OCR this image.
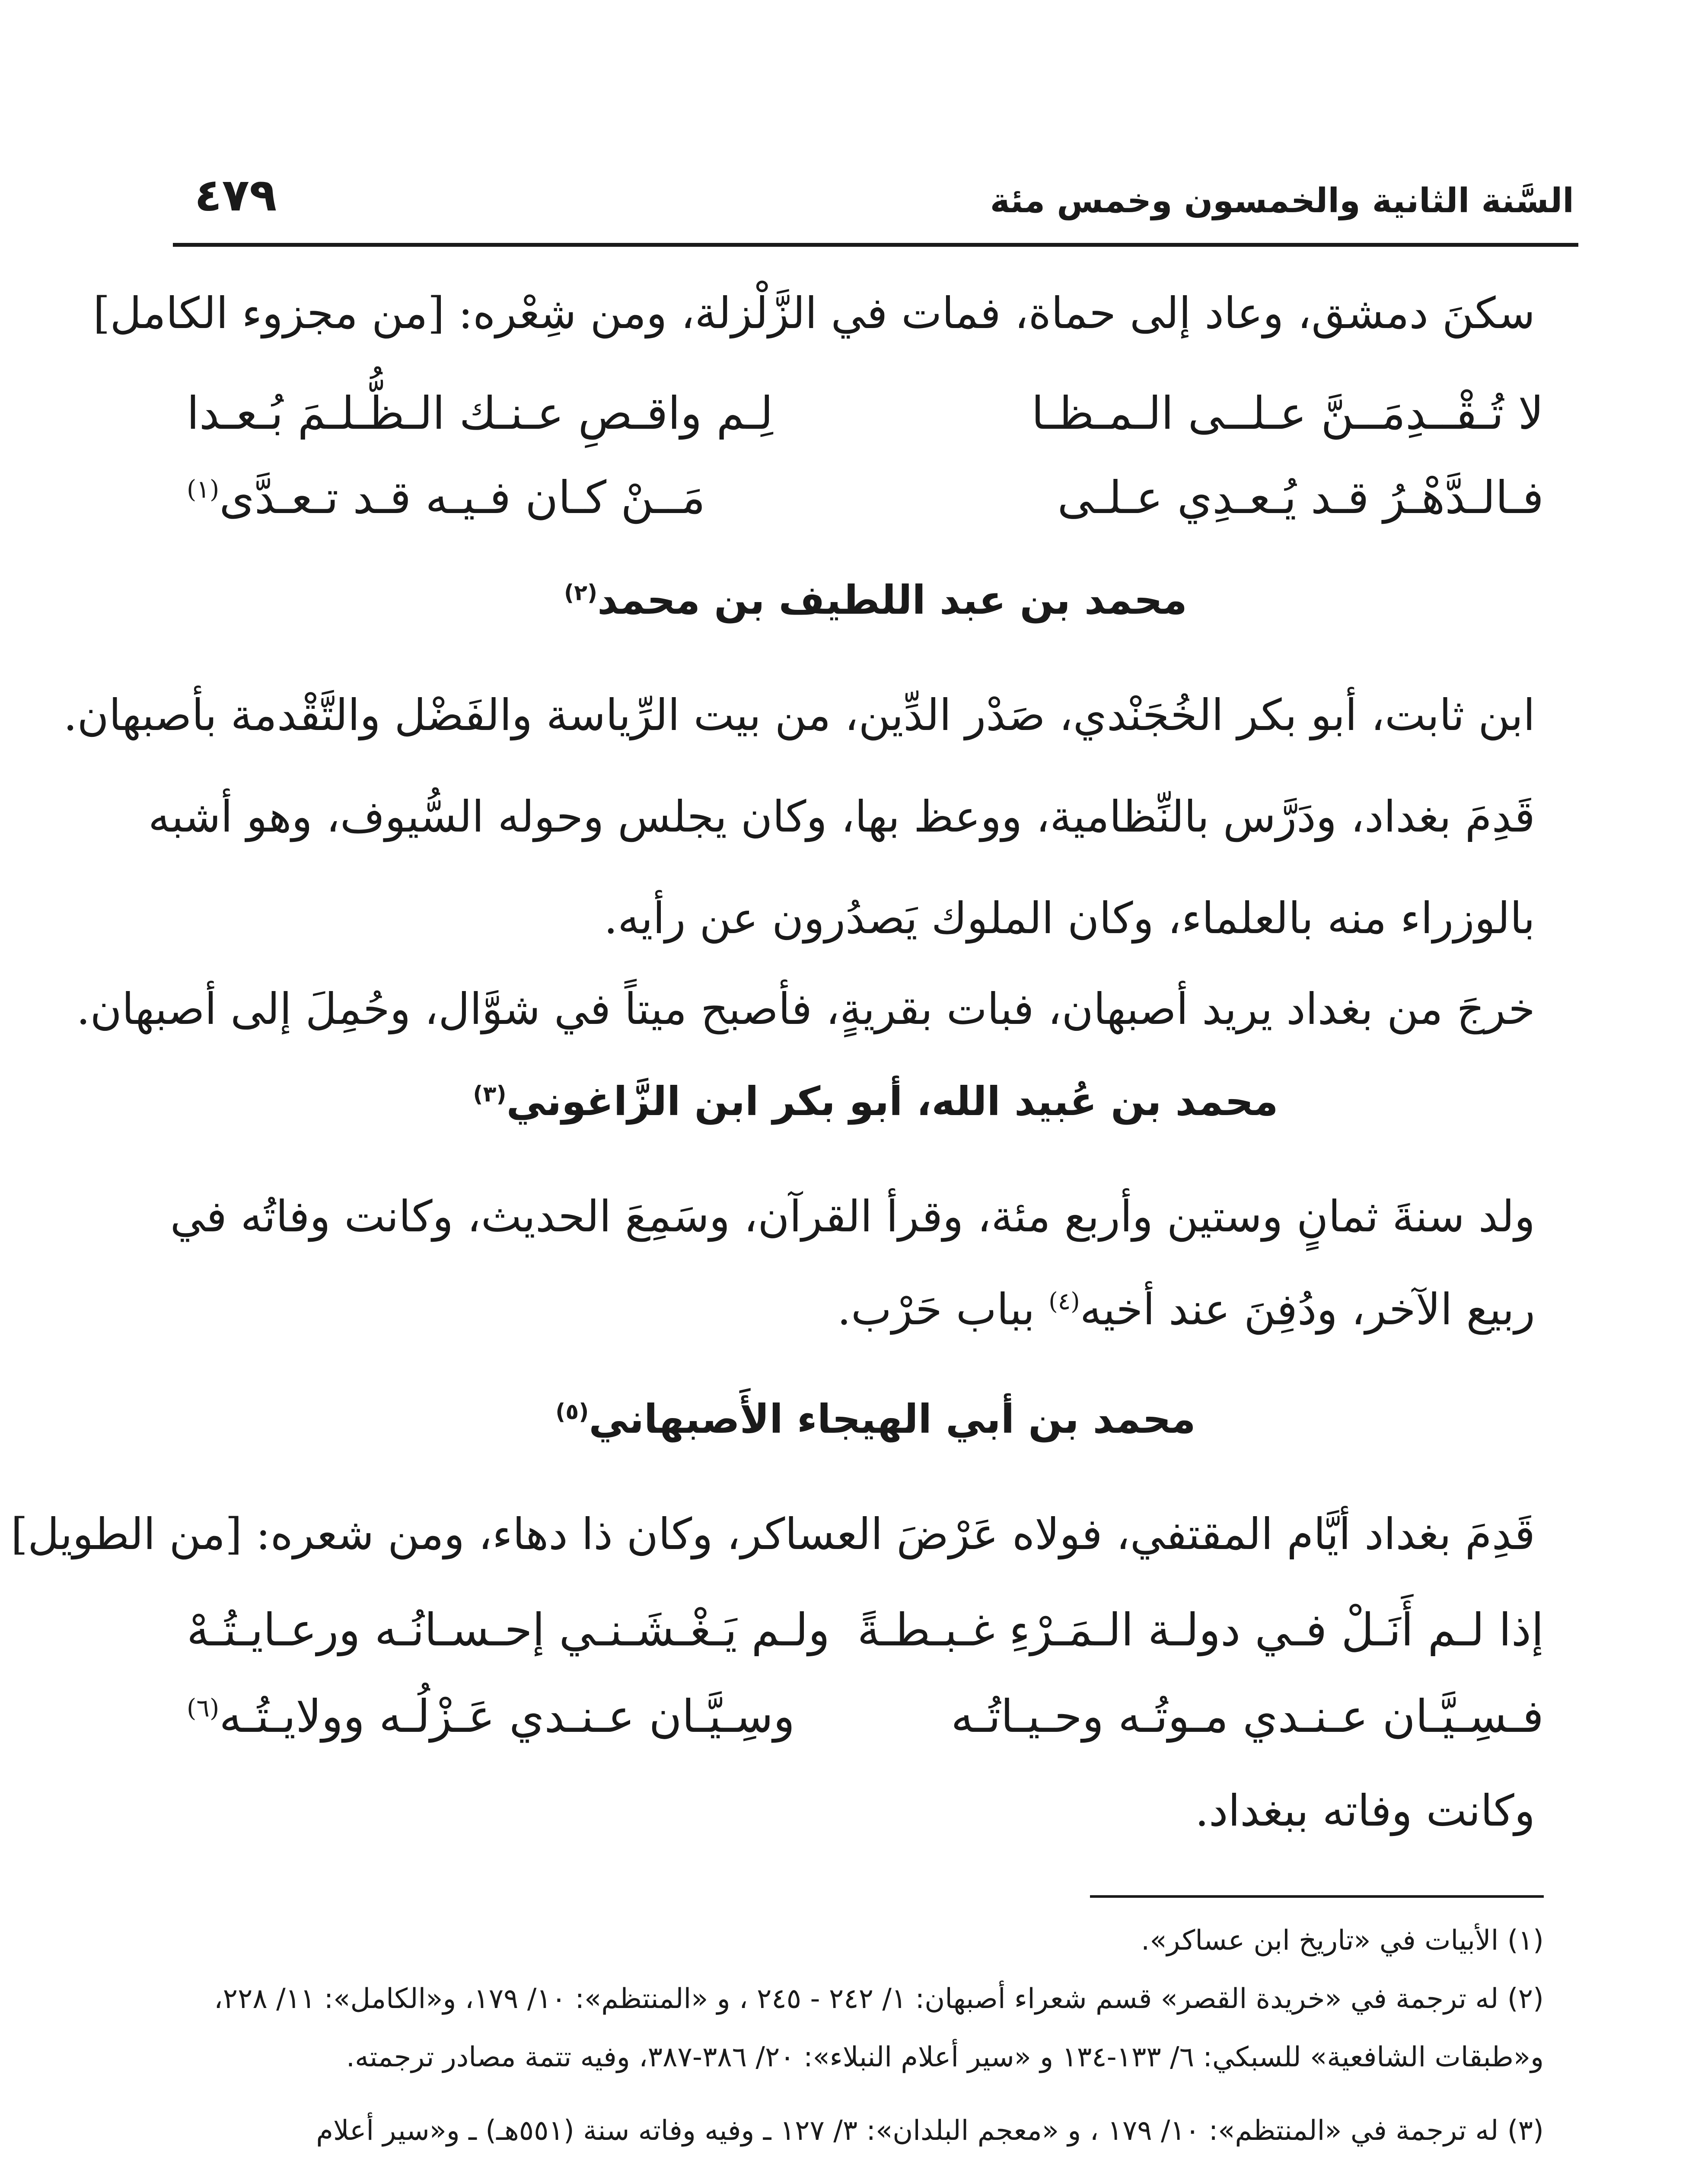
السَّنة الثانية والخمسون وخمس مئة
٤٧٩
سكنَ دمشق، وعاد إلى حماة، فمات في الزَّلْزلة، ومن شِعْره: [من مجزوء الكامل]
لا تُـقْــدِمَــنَّ عـلــى الـمـظـا
لِـم واقـصِ عـنـك الـظُّـلـمَ بُـعـدا
فـالـدَّهْـرُ قـد يُـعـدِي عـلـى
مَــنْ كـان فـيـه قـد تـعـدَّى$^{(١)}$
محمد بن عبد اللطيف بن محمد$^{(٢)}$
ابن ثابت، أبو بكر الخُجَنْدي، صَدْر الدِّين، من بيت الرِّياسة والفَضْل والتَّقْدمة بأصبهان.
قَدِمَ بغداد، ودَرَّس بالنِّظامية، ووعظ بها، وكان يجلس وحوله السُّيوف، وهو أشبه
بالوزراء منه بالعلماء، وكان الملوك يَصدُرون عن رأيه.
خرجَ من بغداد يريد أصبهان، فبات بقريةٍ، فأصبح ميتاً في شوَّال، وحُمِلَ إلى أصبهان.
محمد بن عُبيد الله، أبو بكر ابن الزَّاغوني$^{(٣)}$
ولد سنةَ ثمانٍ وستين وأربع مئة، وقرأ القرآن، وسَمِعَ الحديث، وكانت وفاتُه في
ربيع الآخر، ودُفِنَ عند أخيه$^{(٤)}$ بباب حَرْب.
محمد بن أبي الهيجاء الأَصبهاني$^{(٥)}$
قَدِمَ بغداد أيَّام المقتفي، فولاه عَرْضَ العساكر، وكان ذا دهاء، ومن شعره: [من الطويل]
إذا لـم أَنَـلْ فـي دولـة الـمَـرْءِ غـبـطـةً
ولـم يَـغْـشَـنـي إحـسـانُـه ورعـايـتُـهْ
فـسِـيَّـان عـنـدي مـوتُـه وحـيـاتُـه
وسِـيَّـان عـنـدي عَـزْلُـه وولايـتُـه$^{(٦)}$
وكانت وفاته ببغداد.
(١) الأبيات في «تاريخ ابن عساكر».
(٢) له ترجمة في «خريدة القصر» قسم شعراء أصبهان: ١/ ٢٤٢ - ٢٤٥ ، و «المنتظم»: ١٠/ ١٧٩، و«الكامل»: ١١/ ٢٢٨،
و«طبقات الشافعية» للسبكي: ٦/ ١٣٣-١٣٤ و «سير أعلام النبلاء»: ٢٠/ ٣٨٦-٣٨٧، وفيه تتمة مصادر ترجمته.
(٣) له ترجمة في «المنتظم»: ١٠/ ١٧٩ ، و «معجم البلدان»: ٣/ ١٢٧ ـ وفيه وفاته سنة (٥٥١هـ) ـ و«سير أعلام
